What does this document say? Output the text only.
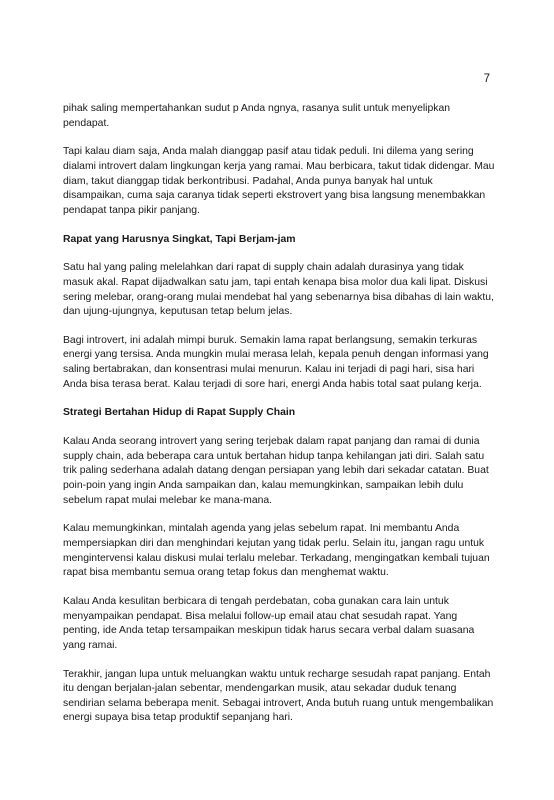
7

pihak saling mempertahankan sudut p Anda ngnya, rasanya sulit untuk menyelipkan pendapat.

Tapi kalau diam saja, Anda malah dianggap pasif atau tidak peduli. Ini dilema yang sering dialami introvert dalam lingkungan kerja yang ramai. Mau berbicara, takut tidak didengar. Mau diam, takut dianggap tidak berkontribusi. Padahal, Anda punya banyak hal untuk disampaikan, cuma saja caranya tidak seperti ekstrovert yang bisa langsung menembakkan pendapat tanpa pikir panjang.

Rapat yang Harusnya Singkat, Tapi Berjam-jam

Satu hal yang paling melelahkan dari rapat di supply chain adalah durasinya yang tidak masuk akal. Rapat dijadwalkan satu jam, tapi entah kenapa bisa molor dua kali lipat. Diskusi sering melebar, orang-orang mulai mendebat hal yang sebenarnya bisa dibahas di lain waktu, dan ujung-ujungnya, keputusan tetap belum jelas.

Bagi introvert, ini adalah mimpi buruk. Semakin lama rapat berlangsung, semakin terkuras energi yang tersisa. Anda mungkin mulai merasa lelah, kepala penuh dengan informasi yang saling bertabrakan, dan konsentrasi mulai menurun. Kalau ini terjadi di pagi hari, sisa hari Anda bisa terasa berat. Kalau terjadi di sore hari, energi Anda habis total saat pulang kerja.

Strategi Bertahan Hidup di Rapat Supply Chain

Kalau Anda seorang introvert yang sering terjebak dalam rapat panjang dan ramai di dunia supply chain, ada beberapa cara untuk bertahan hidup tanpa kehilangan jati diri. Salah satu trik paling sederhana adalah datang dengan persiapan yang lebih dari sekadar catatan. Buat poin-poin yang ingin Anda sampaikan dan, kalau memungkinkan, sampaikan lebih dulu sebelum rapat mulai melebar ke mana-mana.

Kalau memungkinkan, mintalah agenda yang jelas sebelum rapat. Ini membantu Anda mempersiapkan diri dan menghindari kejutan yang tidak perlu. Selain itu, jangan ragu untuk mengintervensi kalau diskusi mulai terlalu melebar. Terkadang, mengingatkan kembali tujuan rapat bisa membantu semua orang tetap fokus dan menghemat waktu.

Kalau Anda kesulitan berbicara di tengah perdebatan, coba gunakan cara lain untuk menyampaikan pendapat. Bisa melalui follow-up email atau chat sesudah rapat. Yang penting, ide Anda tetap tersampaikan meskipun tidak harus secara verbal dalam suasana yang ramai.

Terakhir, jangan lupa untuk meluangkan waktu untuk recharge sesudah rapat panjang. Entah itu dengan berjalan-jalan sebentar, mendengarkan musik, atau sekadar duduk tenang sendirian selama beberapa menit. Sebagai introvert, Anda butuh ruang untuk mengembalikan energi supaya bisa tetap produktif sepanjang hari.
